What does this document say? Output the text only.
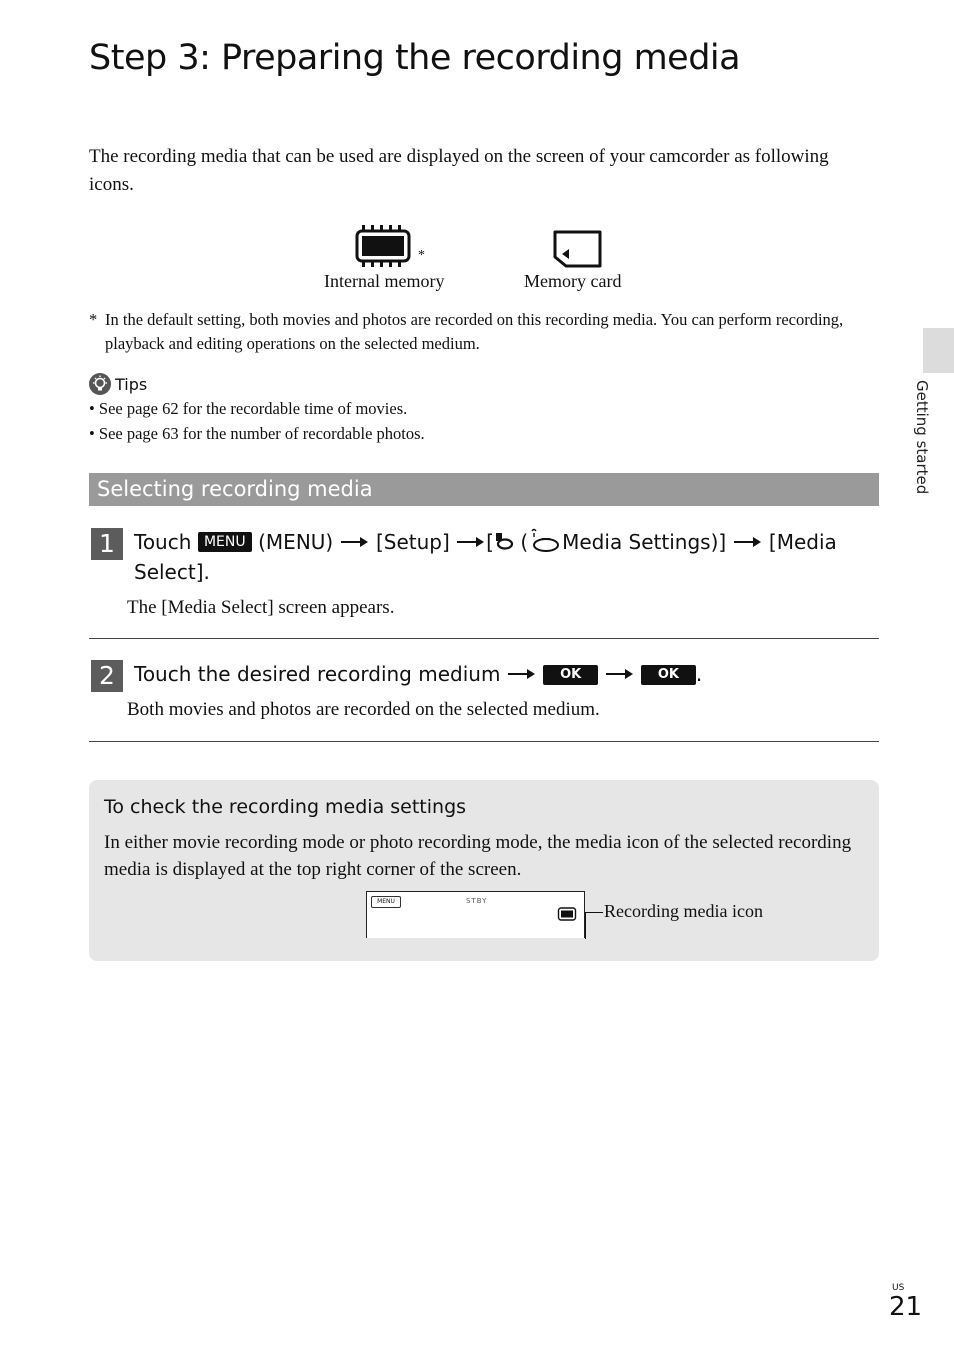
Step 3: Preparing the recording media
The recording media that can be used are displayed on the screen of your camcorder as following icons.
*
Internal memory	Memory card
* In the default setting, both movies and photos are recorded on this recording media. You can perform recording, playback and editing operations on the selected medium.
Tips
• See page 62 for the recordable time of movies.
• See page 63 for the number of recordable photos.
Selecting recording media
1 Touch MENU (MENU) [Setup] [ ( Media Settings)] [Media
Select].
The [Media Select] screen appears.
2 Touch the desired recording medium	OK	OK .
Both movies and photos are recorded on the selected medium.
To check the recording media settings
In either movie recording mode or photo recording mode, the media icon of the selected recording media is displayed at the top right corner of the screen.
MENU	STBY	Recording media icon
Getting started
US
21
